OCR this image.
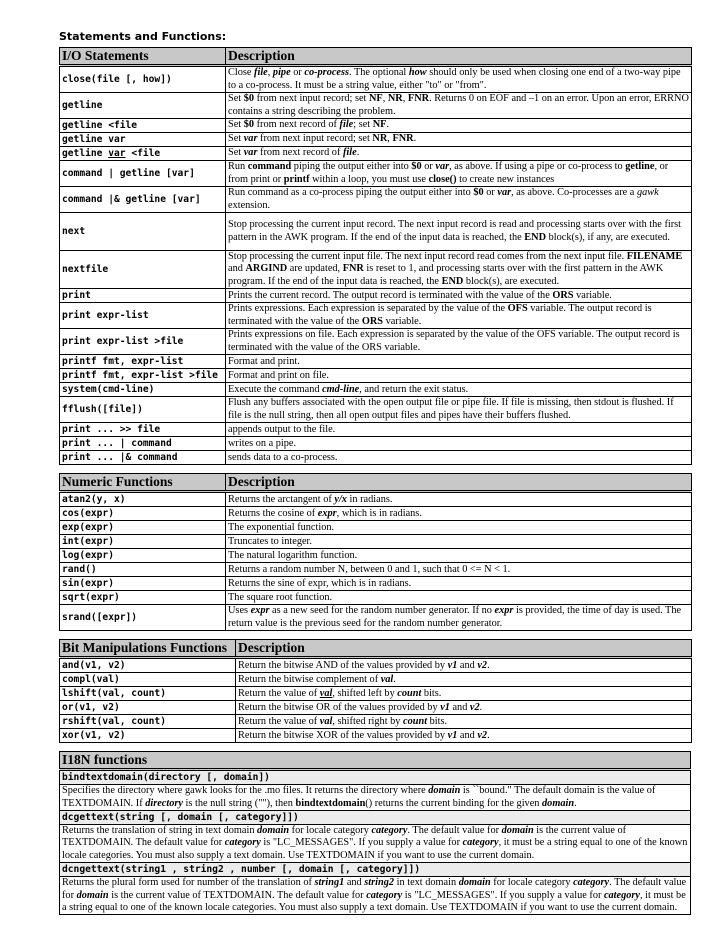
Statements and Functions:
I/O Statements	Description
close(file [, how])	Close file, pipe or co-process. The optional how should only be used when closing one end of a two-way pipe to a co-process. It must be a string value, either "to" or "from".
getline	Set $0 from next input record; set NF, NR, FNR. Returns 0 on EOF and –1 on an error. Upon an error, ERRNO contains a string describing the problem.
getline <file	Set $0 from next record of file; set NF.
getline var	Set var from next input record; set NR, FNR.
getline var <file	Set var from next record of file.
command | getline [var]	Run command piping the output either into $0 or var, as above. If using a pipe or co-process to getline, or from print or printf within a loop, you must use close() to create new instances
command |& getline [var]	Run command as a co-process piping the output either into $0 or var, as above. Co-processes are a gawk extension.
next	Stop processing the current input record. The next input record is read and processing starts over with the first pattern in the AWK program. If the end of the input data is reached, the END block(s), if any, are executed.
nextfile	Stop processing the current input file. The next input record read comes from the next input file. FILENAME and ARGIND are updated, FNR is reset to 1, and processing starts over with the first pattern in the AWK program. If the end of the input data is reached, the END block(s), are executed.
print	Prints the current record. The output record is terminated with the value of the ORS variable.
print expr-list	Prints expressions. Each expression is separated by the value of the OFS variable. The output record is terminated with the value of the ORS variable.
print expr-list >file	Prints expressions on file. Each expression is separated by the value of the OFS variable. The output record is terminated with the value of the ORS variable.
printf fmt, expr-list	Format and print.
printf fmt, expr-list >file	Format and print on file.
system(cmd-line)	Execute the command cmd-line, and return the exit status.
fflush([file])	Flush any buffers associated with the open output file or pipe file. If file is missing, then stdout is flushed. If file is the null string, then all open output files and pipes have their buffers flushed.
print ... >> file	appends output to the file.
print ... | command	writes on a pipe.
print ... |& command	sends data to a co-process.
Numeric Functions	Description
atan2(y, x)	Returns the arctangent of y/x in radians.
cos(expr)	Returns the cosine of expr, which is in radians.
exp(expr)	The exponential function.
int(expr)	Truncates to integer.
log(expr)	The natural logarithm function.
rand()	Returns a random number N, between 0 and 1, such that 0 <= N < 1.
sin(expr)	Returns the sine of expr, which is in radians.
sqrt(expr)	The square root function.
srand([expr])	Uses expr as a new seed for the random number generator. If no expr is provided, the time of day is used. The return value is the previous seed for the random number generator.
Bit Manipulations Functions	Description
and(v1, v2)	Return the bitwise AND of the values provided by v1 and v2.
compl(val)	Return the bitwise complement of val.
lshift(val, count)	Return the value of val, shifted left by count bits.
or(v1, v2)	Return the bitwise OR of the values provided by v1 and v2.
rshift(val, count)	Return the value of val, shifted right by count bits.
xor(v1, v2)	Return the bitwise XOR of the values provided by v1 and v2.
I18N functions
bindtextdomain(directory [, domain])
Specifies the directory where gawk looks for the .mo files. It returns the directory where domain is ``bound." The default domain is the value of TEXTDOMAIN. If directory is the null string (""), then bindtextdomain() returns the current binding for the given domain.
dcgettext(string [, domain [, category]])
Returns the translation of string in text domain domain for locale category category. The default value for domain is the current value of TEXTDOMAIN. The default value for category is "LC_MESSAGES". If you supply a value for category, it must be a string equal to one of the known locale categories. You must also supply a text domain. Use TEXTDOMAIN if you want to use the current domain.
dcngettext(string1 , string2 , number [, domain [, category]])
Returns the plural form used for number of the translation of string1 and string2 in text domain domain for locale category category. The default value for domain is the current value of TEXTDOMAIN. The default value for category is "LC_MESSAGES". If you supply a value for category, it must be a string equal to one of the known locale categories. You must also supply a text domain. Use TEXTDOMAIN if you want to use the current domain.
